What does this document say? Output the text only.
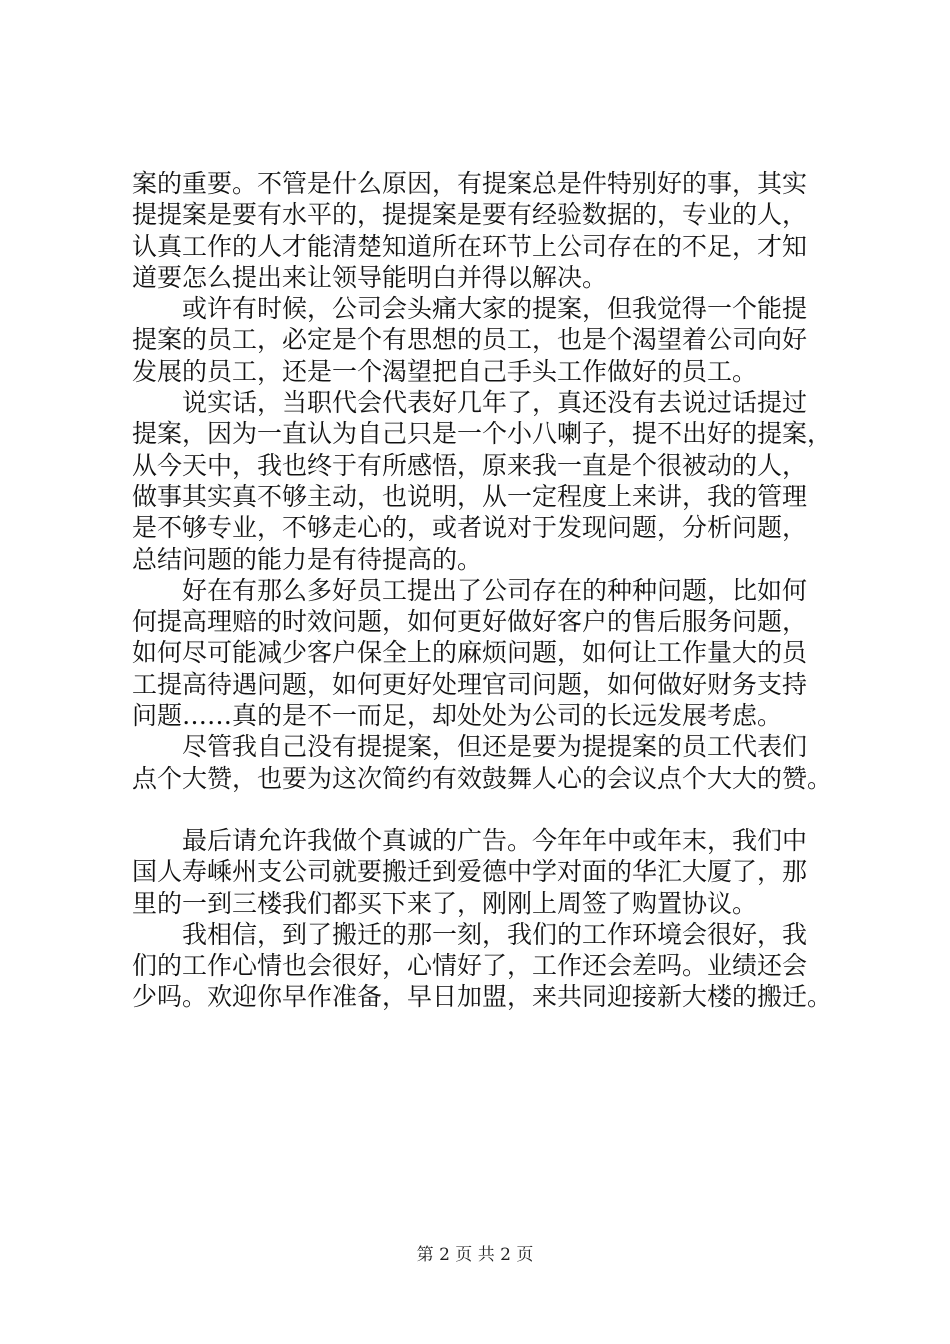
案的重要。不管是什么原因，有提案总是件特别好的事，其实
提提案是要有水平的，提提案是要有经验数据的，专业的人，
认真工作的人才能清楚知道所在环节上公司存在的不足，才知
道要怎么提出来让领导能明白并得以解决。
或许有时候，公司会头痛大家的提案，但我觉得一个能提
提案的员工，必定是个有思想的员工，也是个渴望着公司向好
发展的员工，还是一个渴望把自己手头工作做好的员工。
说实话，当职代会代表好几年了，真还没有去说过话提过
提案，因为一直认为自己只是一个小八喇子，提不出好的提案，
从今天中，我也终于有所感悟，原来我一直是个很被动的人，
做事其实真不够主动，也说明，从一定程度上来讲，我的管理
是不够专业，不够走心的，或者说对于发现问题，分析问题，
总结问题的能力是有待提高的。
好在有那么多好员工提出了公司存在的种种问题，比如何
何提高理赔的时效问题，如何更好做好客户的售后服务问题，
如何尽可能减少客户保全上的麻烦问题，如何让工作量大的员
工提高待遇问题，如何更好处理官司问题，如何做好财务支持
问题……真的是不一而足，却处处为公司的长远发展考虑。
尽管我自己没有提提案，但还是要为提提案的员工代表们
点个大赞，也要为这次简约有效鼓舞人心的会议点个大大的赞。
最后请允许我做个真诚的广告。今年年中或年末，我们中
国人寿嵊州支公司就要搬迁到爱德中学对面的华汇大厦了，那
里的一到三楼我们都买下来了，刚刚上周签了购置协议。
我相信，到了搬迁的那一刻，我们的工作环境会很好，我
们的工作心情也会很好，心情好了，工作还会差吗。业绩还会
少吗。欢迎你早作准备，早日加盟，来共同迎接新大楼的搬迁。
第 2 页 共 2 页
